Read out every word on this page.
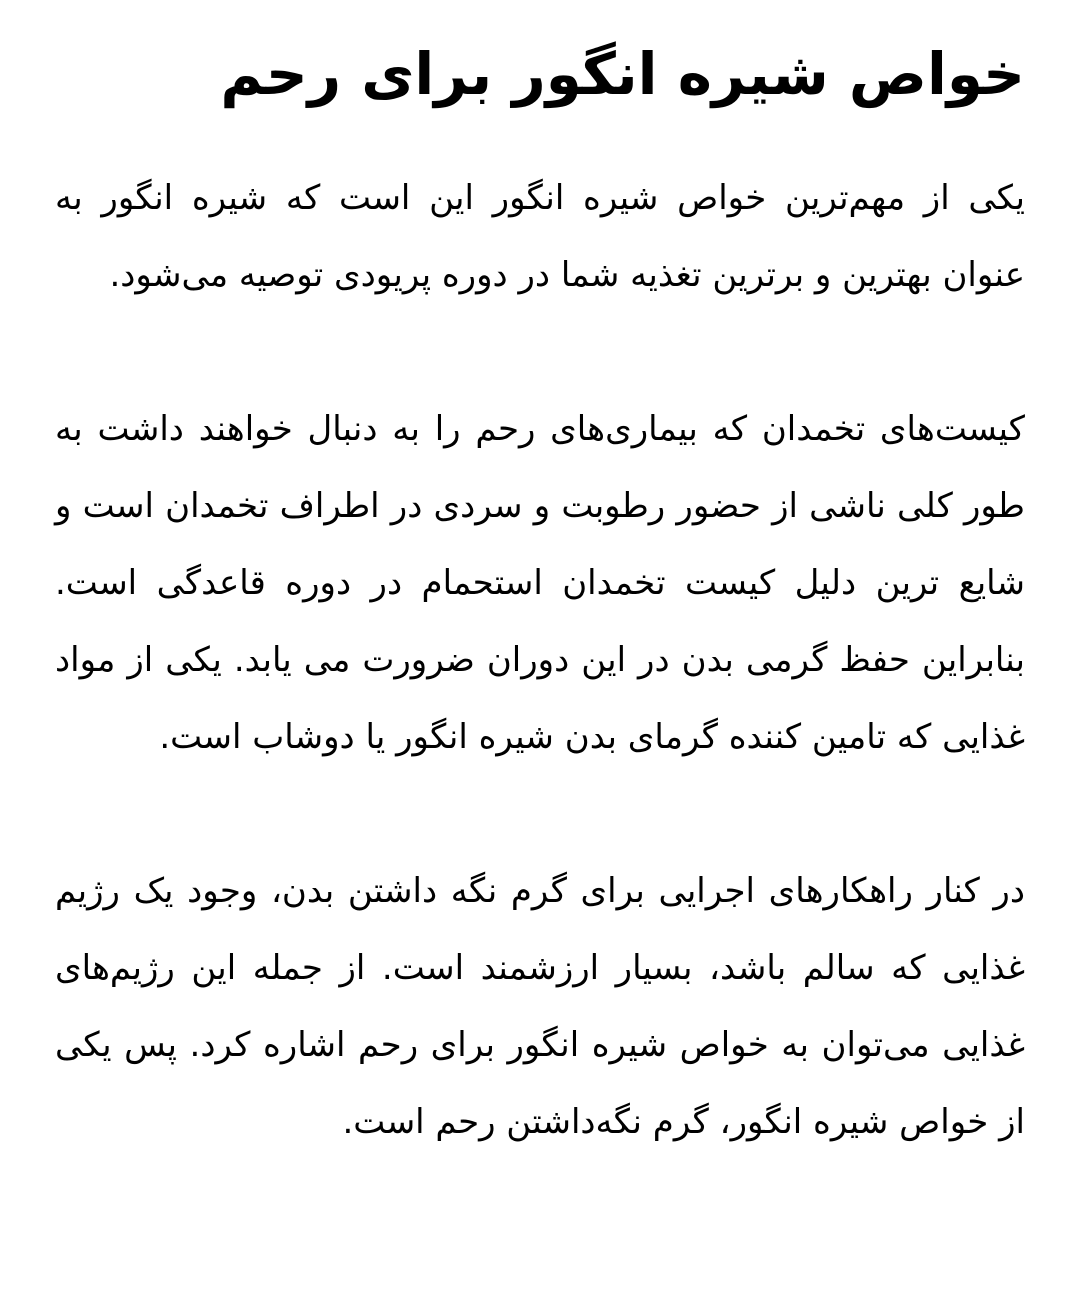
خواص شیره انگور برای رحم

یکی از مهم‌ترین خواص شیره انگور این است که شیره انگور به عنوان بهترین و برترین تغذیه شما در دوره پریودی توصیه می‌شود.

کیست‌های تخمدان که بیماری‌های رحم را به دنبال خواهند داشت به طور کلی ناشی از حضور رطوبت و سردی در اطراف تخمدان است و شایع ترین دلیل کیست تخمدان استحمام در دوره قاعدگی است. بنابراین حفظ گرمی بدن در این دوران ضرورت می یابد. یکی از مواد غذایی که تامین کننده گرمای بدن شیره انگور یا دوشاب است.

در کنار راهکارهای اجرایی برای گرم نگه داشتن بدن، وجود یک رژیم غذایی که سالم باشد، بسیار ارزشمند است. از جمله این رژیم‌های غذایی می‌توان به خواص شیره انگور برای رحم اشاره کرد. پس یکی از خواص شیره انگور، گرم نگه‌داشتن رحم است.
